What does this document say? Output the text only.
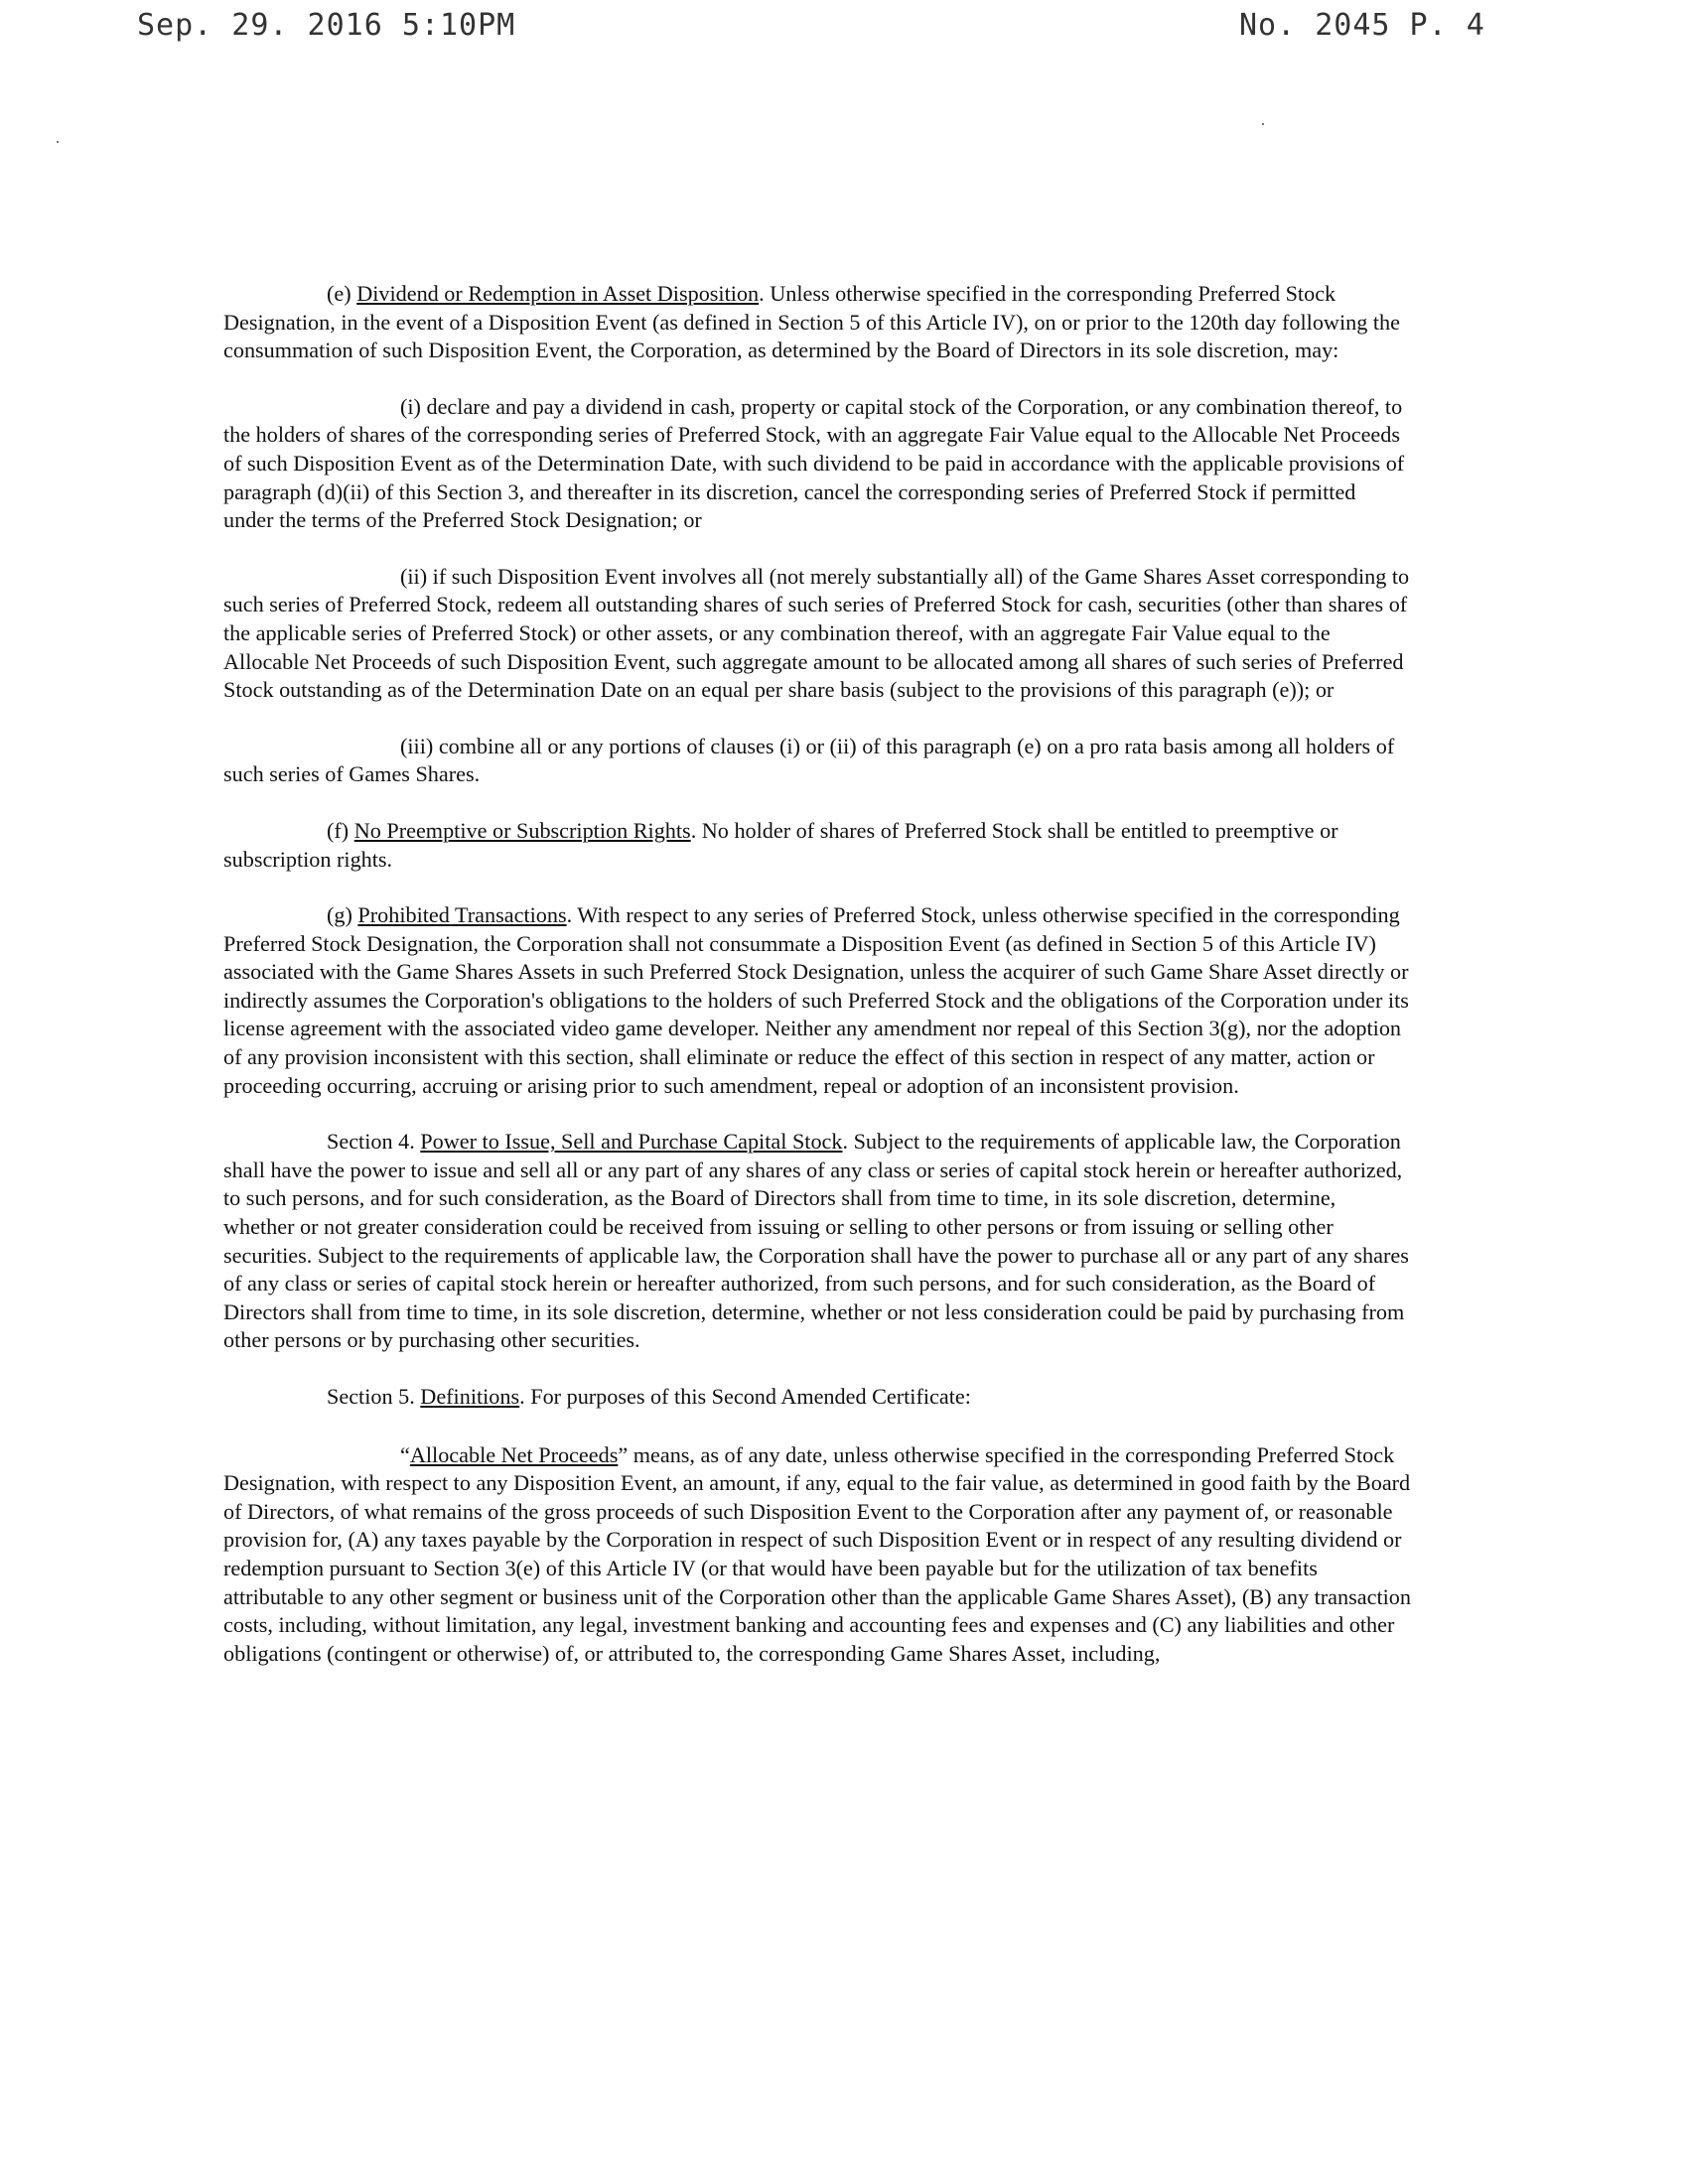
Sep. 29. 2016 5:10PM	No. 2045 P. 4

(e) Dividend or Redemption in Asset Disposition. Unless otherwise specified in the corresponding Preferred Stock Designation, in the event of a Disposition Event (as defined in Section 5 of this Article IV), on or prior to the 120th day following the consummation of such Disposition Event, the Corporation, as determined by the Board of Directors in its sole discretion, may:

(i) declare and pay a dividend in cash, property or capital stock of the Corporation, or any combination thereof, to the holders of shares of the corresponding series of Preferred Stock, with an aggregate Fair Value equal to the Allocable Net Proceeds of such Disposition Event as of the Determination Date, with such dividend to be paid in accordance with the applicable provisions of paragraph (d)(ii) of this Section 3, and thereafter in its discretion, cancel the corresponding series of Preferred Stock if permitted under the terms of the Preferred Stock Designation; or

(ii) if such Disposition Event involves all (not merely substantially all) of the Game Shares Asset corresponding to such series of Preferred Stock, redeem all outstanding shares of such series of Preferred Stock for cash, securities (other than shares of the applicable series of Preferred Stock) or other assets, or any combination thereof, with an aggregate Fair Value equal to the Allocable Net Proceeds of such Disposition Event, such aggregate amount to be allocated among all shares of such series of Preferred Stock outstanding as of the Determination Date on an equal per share basis (subject to the provisions of this paragraph (e)); or

(iii) combine all or any portions of clauses (i) or (ii) of this paragraph (e) on a pro rata basis among all holders of such series of Games Shares.

(f) No Preemptive or Subscription Rights. No holder of shares of Preferred Stock shall be entitled to preemptive or subscription rights.

(g) Prohibited Transactions. With respect to any series of Preferred Stock, unless otherwise specified in the corresponding Preferred Stock Designation, the Corporation shall not consummate a Disposition Event (as defined in Section 5 of this Article IV) associated with the Game Shares Assets in such Preferred Stock Designation, unless the acquirer of such Game Share Asset directly or indirectly assumes the Corporation's obligations to the holders of such Preferred Stock and the obligations of the Corporation under its license agreement with the associated video game developer. Neither any amendment nor repeal of this Section 3(g), nor the adoption of any provision inconsistent with this section, shall eliminate or reduce the effect of this section in respect of any matter, action or proceeding occurring, accruing or arising prior to such amendment, repeal or adoption of an inconsistent provision.

Section 4. Power to Issue, Sell and Purchase Capital Stock. Subject to the requirements of applicable law, the Corporation shall have the power to issue and sell all or any part of any shares of any class or series of capital stock herein or hereafter authorized, to such persons, and for such consideration, as the Board of Directors shall from time to time, in its sole discretion, determine, whether or not greater consideration could be received from issuing or selling to other persons or from issuing or selling other securities. Subject to the requirements of applicable law, the Corporation shall have the power to purchase all or any part of any shares of any class or series of capital stock herein or hereafter authorized, from such persons, and for such consideration, as the Board of Directors shall from time to time, in its sole discretion, determine, whether or not less consideration could be paid by purchasing from other persons or by purchasing other securities.

Section 5. Definitions. For purposes of this Second Amended Certificate:

“Allocable Net Proceeds” means, as of any date, unless otherwise specified in the corresponding Preferred Stock Designation, with respect to any Disposition Event, an amount, if any, equal to the fair value, as determined in good faith by the Board of Directors, of what remains of the gross proceeds of such Disposition Event to the Corporation after any payment of, or reasonable provision for, (A) any taxes payable by the Corporation in respect of such Disposition Event or in respect of any resulting dividend or redemption pursuant to Section 3(e) of this Article IV (or that would have been payable but for the utilization of tax benefits attributable to any other segment or business unit of the Corporation other than the applicable Game Shares Asset), (B) any transaction costs, including, without limitation, any legal, investment banking and accounting fees and expenses and (C) any liabilities and other obligations (contingent or otherwise) of, or attributed to, the corresponding Game Shares Asset, including,
